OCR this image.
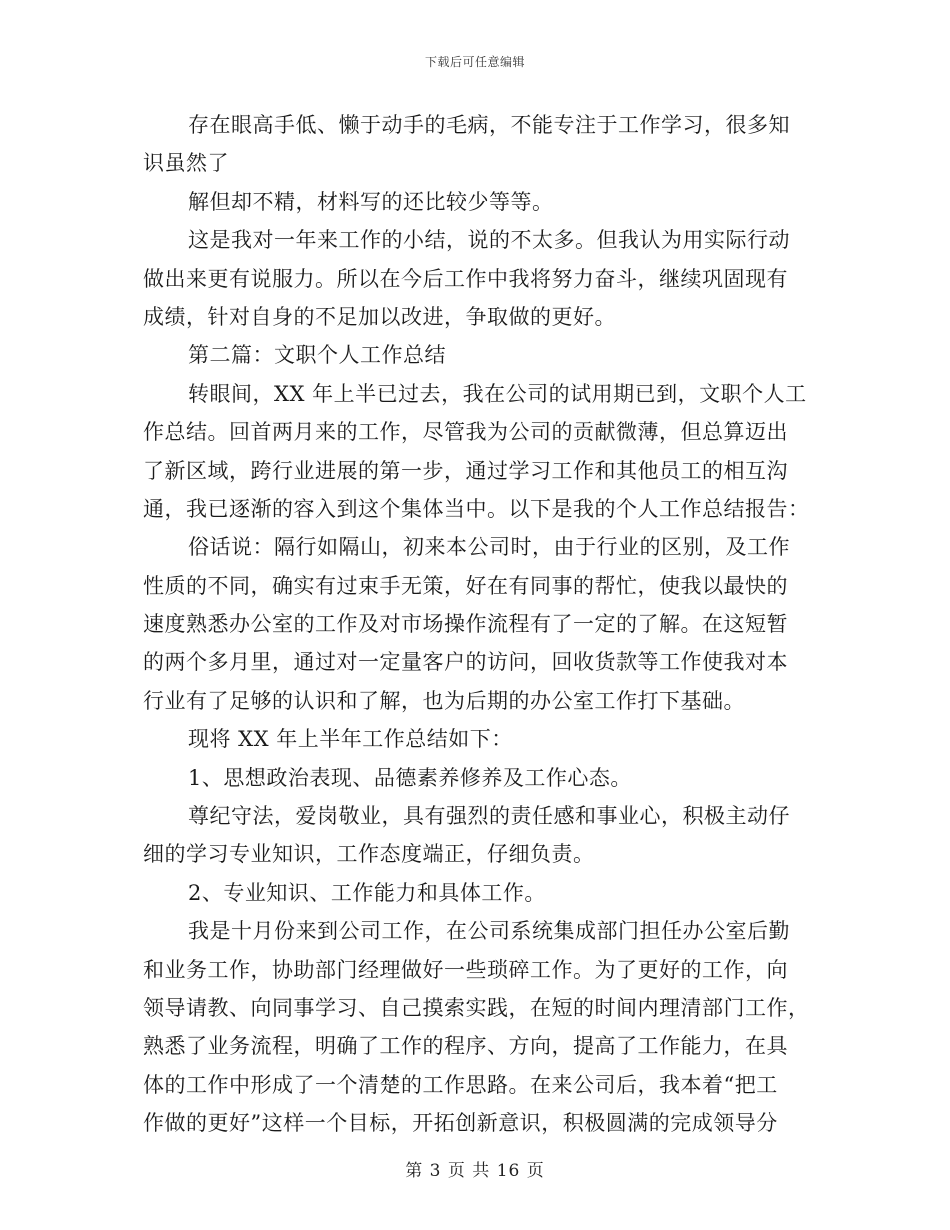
下载后可任意编辑
存在眼高手低、懒于动手的毛病，不能专注于工作学习，很多知
识虽然了
解但却不精，材料写的还比较少等等。
这是我对一年来工作的小结，说的不太多。但我认为用实际行动
做出来更有说服力。所以在今后工作中我将努力奋斗，继续巩固现有
成绩，针对自身的不足加以改进，争取做的更好。
第二篇：文职个人工作总结
转眼间，XX 年上半已过去，我在公司的试用期已到，文职个人工
作总结。回首两月来的工作，尽管我为公司的贡献微薄，但总算迈出
了新区域，跨行业进展的第一步，通过学习工作和其他员工的相互沟
通，我已逐渐的容入到这个集体当中。以下是我的个人工作总结报告：
俗话说：隔行如隔山，初来本公司时，由于行业的区别，及工作
性质的不同，确实有过束手无策，好在有同事的帮忙，使我以最快的
速度熟悉办公室的工作及对市场操作流程有了一定的了解。在这短暂
的两个多月里，通过对一定量客户的访问，回收货款等工作使我对本
行业有了足够的认识和了解，也为后期的办公室工作打下基础。
现将 XX 年上半年工作总结如下：
1、思想政治表现、品德素养修养及工作心态。
尊纪守法，爱岗敬业，具有强烈的责任感和事业心，积极主动仔
细的学习专业知识，工作态度端正，仔细负责。
2、专业知识、工作能力和具体工作。
我是十月份来到公司工作，在公司系统集成部门担任办公室后勤
和业务工作，协助部门经理做好一些琐碎工作。为了更好的工作，向
领导请教、向同事学习、自己摸索实践，在短的时间内理清部门工作，
熟悉了业务流程，明确了工作的程序、方向，提高了工作能力，在具
体的工作中形成了一个清楚的工作思路。在来公司后，我本着“把工
作做的更好”这样一个目标，开拓创新意识，积极圆满的完成领导分
第 3 页 共 16 页
